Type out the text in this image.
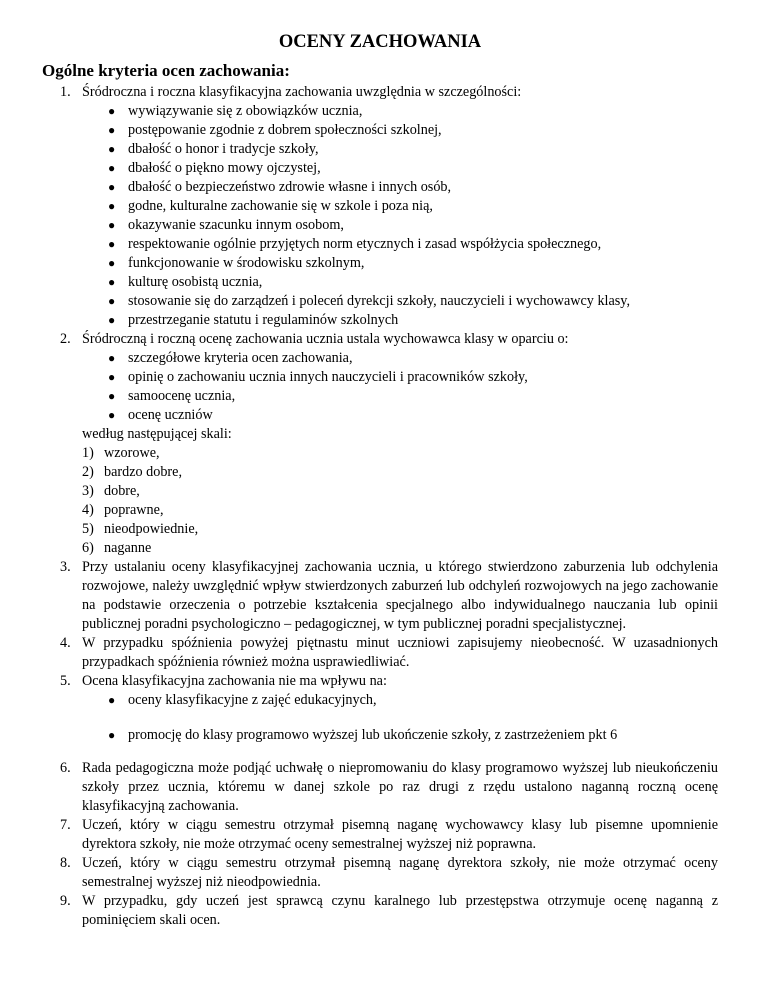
OCENY ZACHOWANIA
Ogólne kryteria ocen zachowania:
1. Śródroczna i roczna klasyfikacyjna zachowania uwzględnia w szczególności:
● wywiązywanie się z obowiązków ucznia,
● postępowanie zgodnie z dobrem społeczności szkolnej,
● dbałość o honor i tradycje szkoły,
● dbałość o piękno mowy ojczystej,
● dbałość o bezpieczeństwo zdrowie własne i innych osób,
● godne, kulturalne zachowanie się w szkole i poza nią,
● okazywanie szacunku innym osobom,
● respektowanie ogólnie przyjętych norm etycznych i zasad współżycia społecznego,
● funkcjonowanie w środowisku szkolnym,
● kulturę osobistą ucznia,
● stosowanie się do zarządzeń i poleceń dyrekcji szkoły, nauczycieli i wychowawcy klasy,
● przestrzeganie statutu i regulaminów szkolnych
2. Śródroczną i roczną ocenę zachowania ucznia ustala wychowawca klasy w oparciu o:
● szczegółowe kryteria ocen zachowania,
● opinię o zachowaniu ucznia innych nauczycieli i pracowników szkoły,
● samoocenę ucznia,
● ocenę uczniów
według następującej skali:
1) wzorowe,
2) bardzo dobre,
3) dobre,
4) poprawne,
5) nieodpowiednie,
6) naganne
3. Przy ustalaniu oceny klasyfikacyjnej zachowania ucznia, u którego stwierdzono zaburzenia lub odchylenia rozwojowe, należy uwzględnić wpływ stwierdzonych zaburzeń lub odchyleń rozwojowych na jego zachowanie na podstawie orzeczenia o potrzebie kształcenia specjalnego albo indywidualnego nauczania lub opinii publicznej poradni psychologiczno – pedagogicznej, w tym publicznej poradni specjalistycznej.
4. W przypadku spóźnienia powyżej piętnastu minut uczniowi zapisujemy nieobecność. W uzasadnionych przypadkach spóźnienia również można usprawiedliwiać.
5. Ocena klasyfikacyjna zachowania nie ma wpływu na:
● oceny klasyfikacyjne z zajęć edukacyjnych,
● promocję do klasy programowo wyższej lub ukończenie szkoły, z zastrzeżeniem pkt 6
6. Rada pedagogiczna może podjąć uchwałę o niepromowaniu do klasy programowo wyższej lub nieukończeniu szkoły przez ucznia, któremu w danej szkole po raz drugi z rzędu ustalono naganną roczną ocenę klasyfikacyjną zachowania.
7. Uczeń, który w ciągu semestru otrzymał pisemną naganę wychowawcy klasy lub pisemne upomnienie dyrektora szkoły, nie może otrzymać oceny semestralnej wyższej niż poprawna.
8. Uczeń, który w ciągu semestru otrzymał pisemną naganę dyrektora szkoły, nie może otrzymać oceny semestralnej wyższej niż nieodpowiednia.
9. W przypadku, gdy uczeń jest sprawcą czynu karalnego lub przestępstwa otrzymuje ocenę naganną z pominięciem skali ocen.
